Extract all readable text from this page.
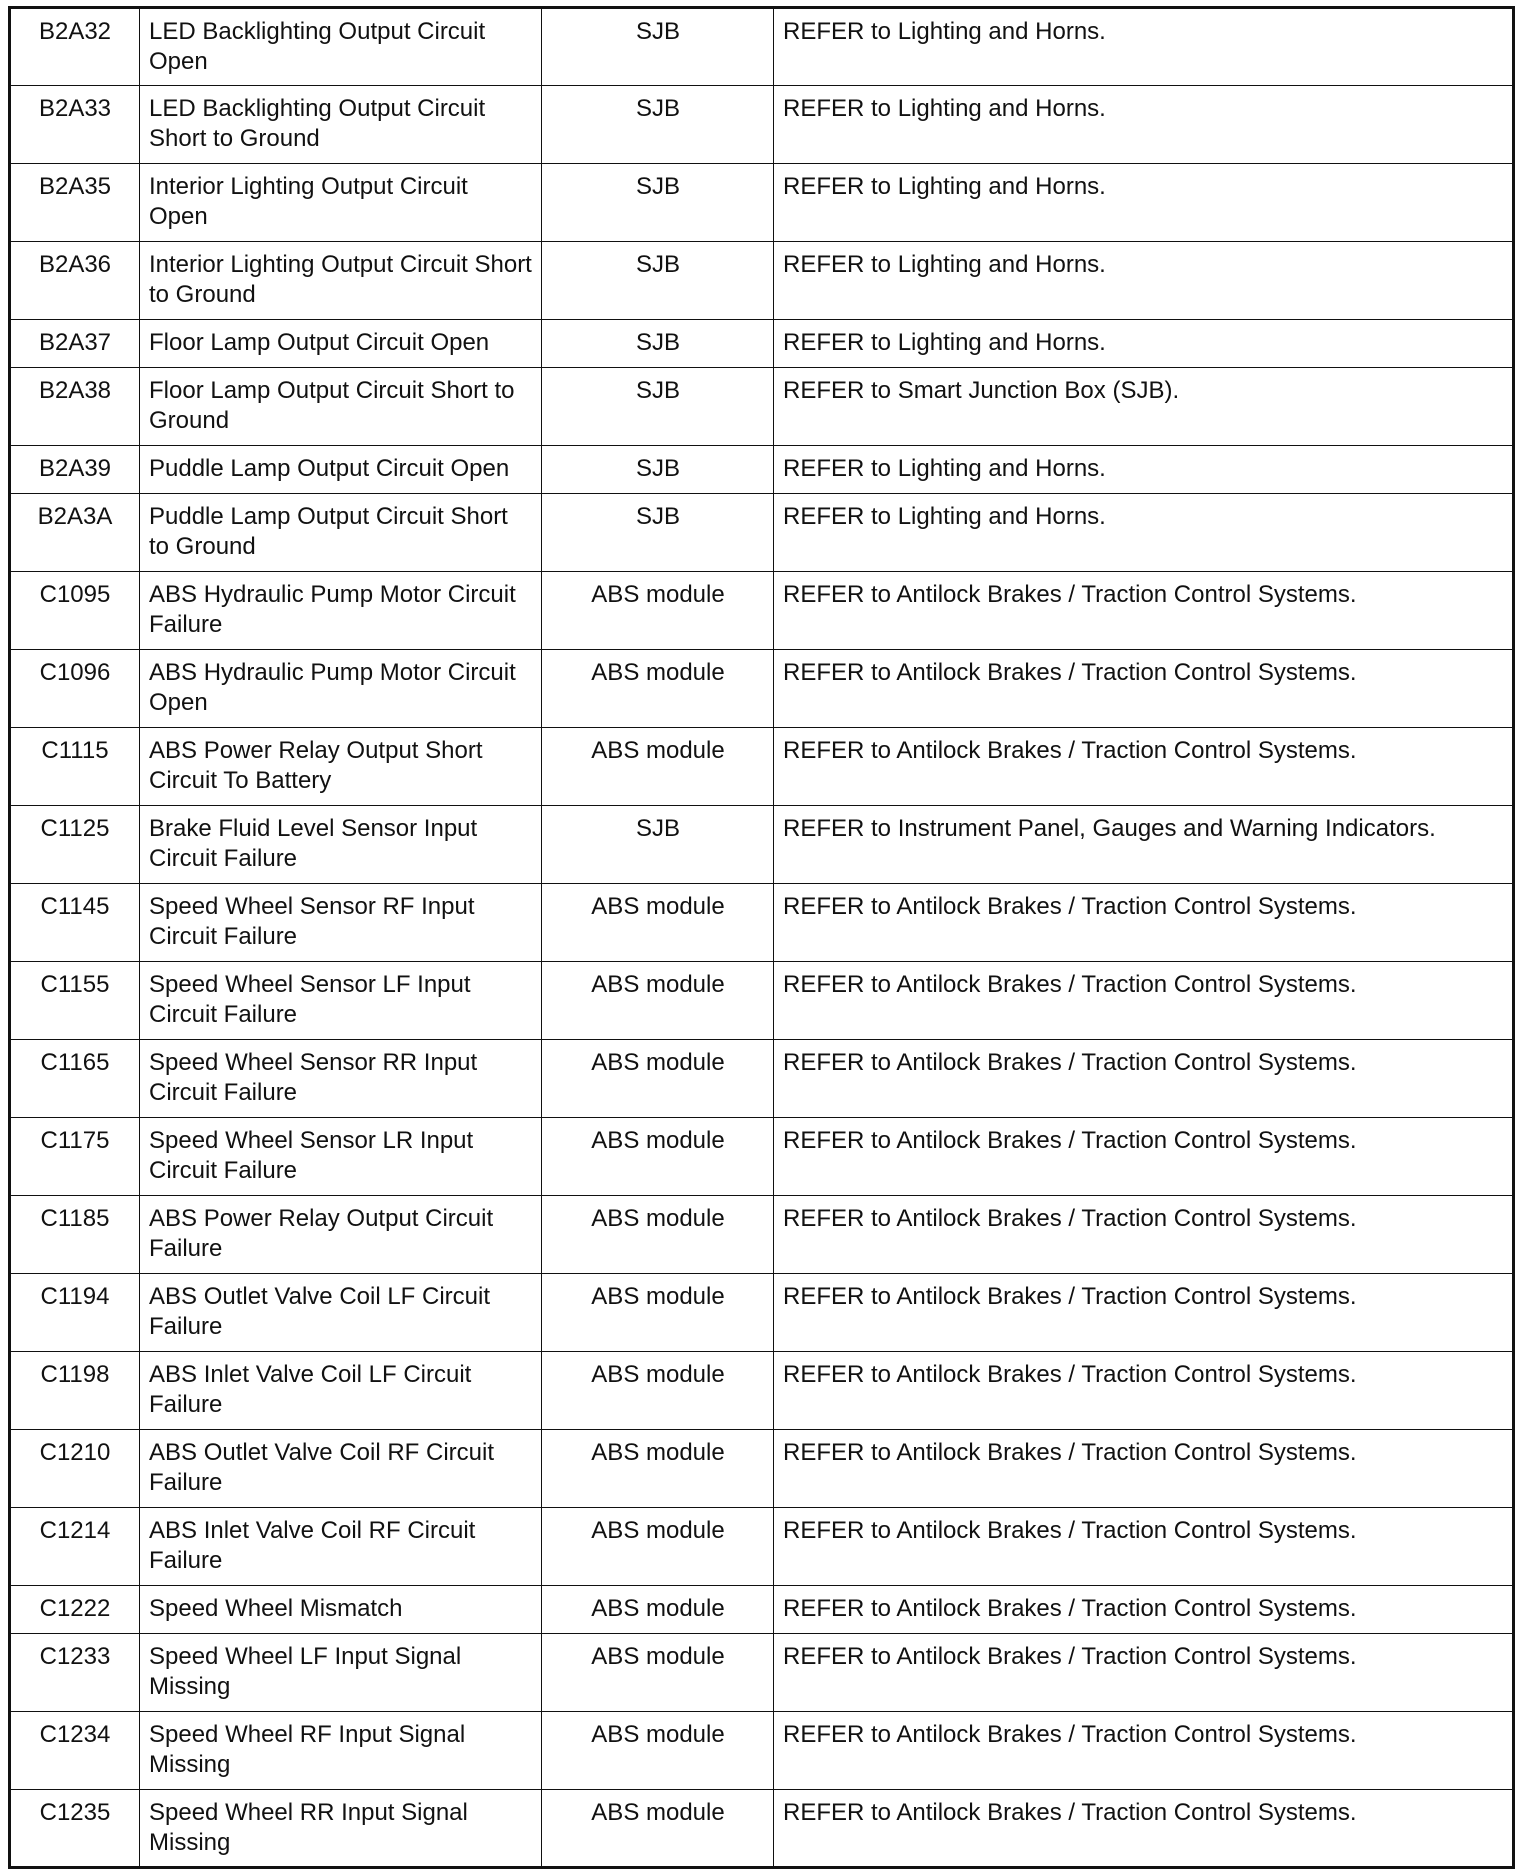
B2A32	LED Backlighting Output Circuit Open	SJB	REFER to Lighting and Horns.
B2A33	LED Backlighting Output Circuit Short to Ground	SJB	REFER to Lighting and Horns.
B2A35	Interior Lighting Output Circuit Open	SJB	REFER to Lighting and Horns.
B2A36	Interior Lighting Output Circuit Short to Ground	SJB	REFER to Lighting and Horns.
B2A37	Floor Lamp Output Circuit Open	SJB	REFER to Lighting and Horns.
B2A38	Floor Lamp Output Circuit Short to Ground	SJB	REFER to Smart Junction Box (SJB).
B2A39	Puddle Lamp Output Circuit Open	SJB	REFER to Lighting and Horns.
B2A3A	Puddle Lamp Output Circuit Short to Ground	SJB	REFER to Lighting and Horns.
C1095	ABS Hydraulic Pump Motor Circuit Failure	ABS module	REFER to Antilock Brakes / Traction Control Systems.
C1096	ABS Hydraulic Pump Motor Circuit Open	ABS module	REFER to Antilock Brakes / Traction Control Systems.
C1115	ABS Power Relay Output Short Circuit To Battery	ABS module	REFER to Antilock Brakes / Traction Control Systems.
C1125	Brake Fluid Level Sensor Input Circuit Failure	SJB	REFER to Instrument Panel, Gauges and Warning Indicators.
C1145	Speed Wheel Sensor RF Input Circuit Failure	ABS module	REFER to Antilock Brakes / Traction Control Systems.
C1155	Speed Wheel Sensor LF Input Circuit Failure	ABS module	REFER to Antilock Brakes / Traction Control Systems.
C1165	Speed Wheel Sensor RR Input Circuit Failure	ABS module	REFER to Antilock Brakes / Traction Control Systems.
C1175	Speed Wheel Sensor LR Input Circuit Failure	ABS module	REFER to Antilock Brakes / Traction Control Systems.
C1185	ABS Power Relay Output Circuit Failure	ABS module	REFER to Antilock Brakes / Traction Control Systems.
C1194	ABS Outlet Valve Coil LF Circuit Failure	ABS module	REFER to Antilock Brakes / Traction Control Systems.
C1198	ABS Inlet Valve Coil LF Circuit Failure	ABS module	REFER to Antilock Brakes / Traction Control Systems.
C1210	ABS Outlet Valve Coil RF Circuit Failure	ABS module	REFER to Antilock Brakes / Traction Control Systems.
C1214	ABS Inlet Valve Coil RF Circuit Failure	ABS module	REFER to Antilock Brakes / Traction Control Systems.
C1222	Speed Wheel Mismatch	ABS module	REFER to Antilock Brakes / Traction Control Systems.
C1233	Speed Wheel LF Input Signal Missing	ABS module	REFER to Antilock Brakes / Traction Control Systems.
C1234	Speed Wheel RF Input Signal Missing	ABS module	REFER to Antilock Brakes / Traction Control Systems.
C1235	Speed Wheel RR Input Signal Missing	ABS module	REFER to Antilock Brakes / Traction Control Systems.
